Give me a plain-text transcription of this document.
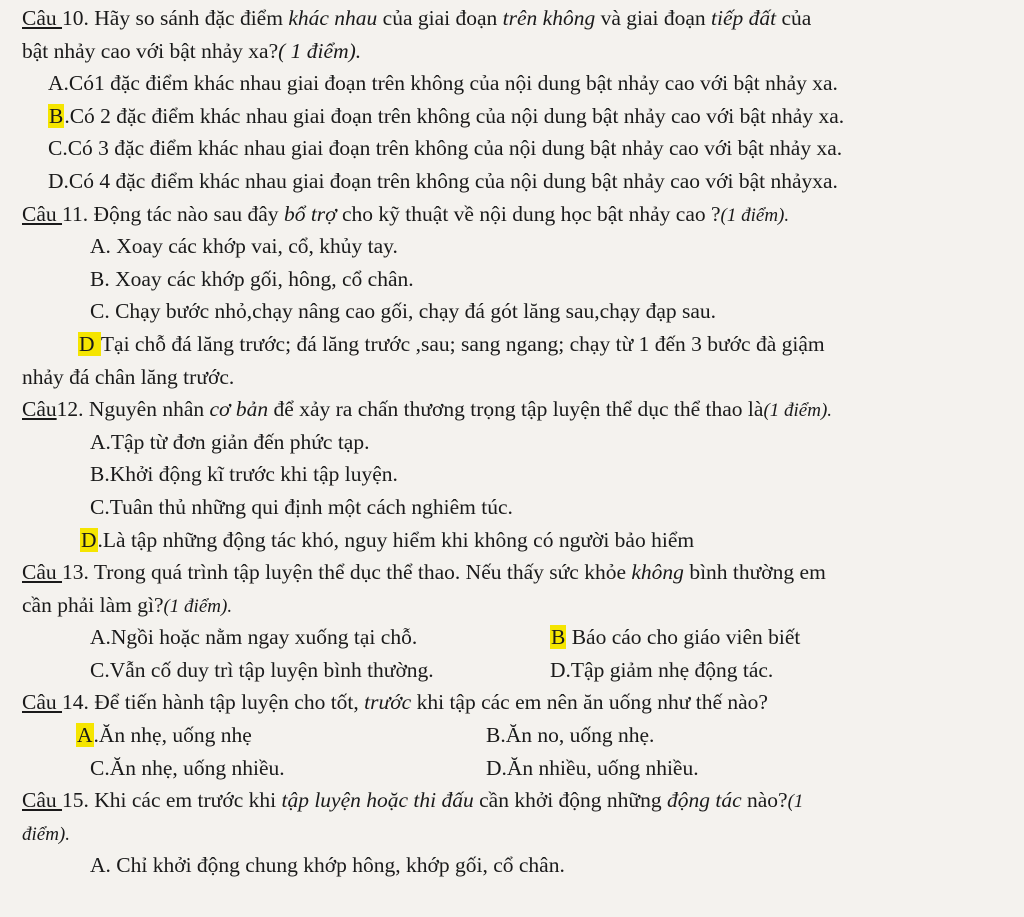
Câu 10. Hãy so sánh đặc điểm khác nhau của giai đoạn trên không và giai đoạn tiếp đất của
bật nhảy cao với bật nhảy xa?( 1 điểm).
A.Có1 đặc điểm khác nhau giai đoạn trên không của nội dung bật nhảy cao với bật nhảy xa.
B.Có 2 đặc điểm khác nhau giai đoạn trên không của nội dung bật nhảy cao với bật nhảy xa.
C.Có 3 đặc điểm khác nhau giai đoạn trên không của nội dung bật nhảy cao với bật nhảy xa.
D.Có 4 đặc điểm khác nhau giai đoạn trên không của nội dung bật nhảy cao với bật nhảyxa.
Câu 11. Động tác nào sau đây bổ trợ cho kỹ thuật về nội dung học bật nhảy cao ?(1 điểm).
A. Xoay các khớp vai, cổ, khủy tay.
B. Xoay các khớp gối, hông, cổ chân.
C. Chạy bước nhỏ,chạy nâng cao gối, chạy đá gót lăng sau,chạy đạp sau.
D Tại chỗ đá lăng trước; đá lăng trước ,sau; sang ngang; chạy từ 1 đến 3 bước đà giậm
nhảy đá chân lăng trước.
Câu12. Nguyên nhân cơ bản để xảy ra chấn thương trọng tập luyện thể dục thể thao là(1 điểm).
A.Tập từ đơn giản đến phức tạp.
B.Khởi động kĩ trước khi tập luyện.
C.Tuân thủ những qui định một cách nghiêm túc.
D.Là tập những động tác khó, nguy hiểm khi không có người bảo hiểm
Câu 13. Trong quá trình tập luyện thể dục thể thao. Nếu thấy sức khỏe không bình thường em
cần phải làm gì?(1 điểm).
A.Ngồi hoặc nằm ngay xuống tại chỗ.	B Báo cáo cho giáo viên biết
C.Vẫn cố duy trì tập luyện bình thường.	D.Tập giảm nhẹ động tác.
Câu 14. Để tiến hành tập luyện cho tốt, trước khi tập các em nên ăn uống như thế nào?
A.Ăn nhẹ, uống nhẹ	B.Ăn no, uống nhẹ.
C.Ăn nhẹ, uống nhiều.	D.Ăn nhiều, uống nhiều.
Câu 15. Khi các em trước khi tập luyện hoặc thi đấu cần khởi động những động tác nào?(1
điểm).
A. Chỉ khởi động chung khớp hông, khớp gối, cổ chân.
